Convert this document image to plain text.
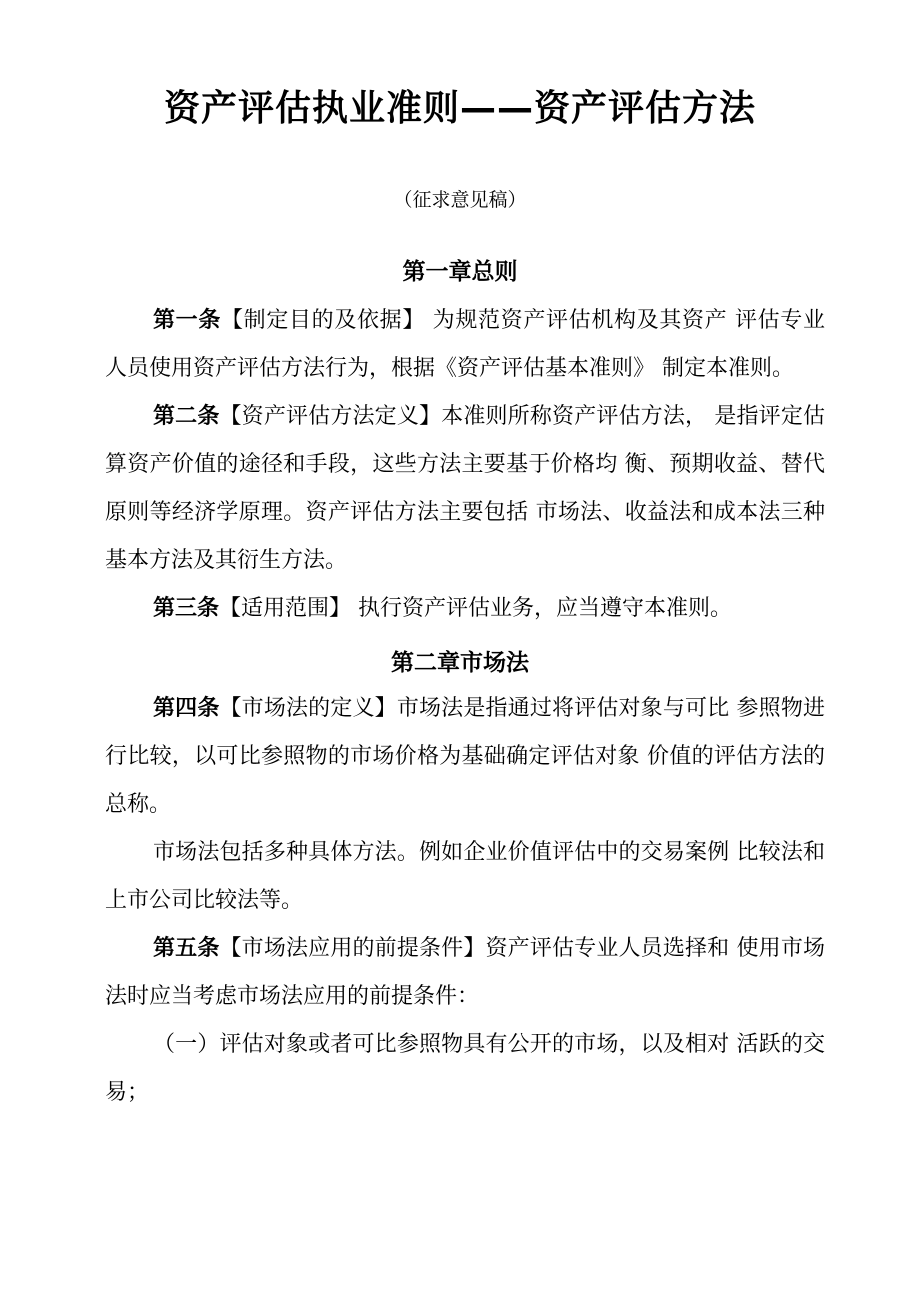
资产评估执业准则——资产评估方法
（征求意见稿）
第一章总则
第一条【制定目的及依据】 为规范资产评估机构及其资产 评估专业人员使用资产评估方法行为，根据《资产评估基本准则》 制定本准则。
第二条【资产评估方法定义】本准则所称资产评估方法， 是指评定估算资产价值的途径和手段，这些方法主要基于价格均 衡、预期收益、替代原则等经济学原理。资产评估方法主要包括 市场法、收益法和成本法三种基本方法及其衍生方法。
第三条【适用范围】 执行资产评估业务，应当遵守本准则。
第二章市场法
第四条【市场法的定义】市场法是指通过将评估对象与可比 参照物进行比较，以可比参照物的市场价格为基础确定评估对象 价值的评估方法的总称。
市场法包括多种具体方法。例如企业价值评估中的交易案例 比较法和上市公司比较法等。
第五条【市场法应用的前提条件】资产评估专业人员选择和 使用市场法时应当考虑市场法应用的前提条件：
（一）评估对象或者可比参照物具有公开的市场，以及相对 活跃的交易；
